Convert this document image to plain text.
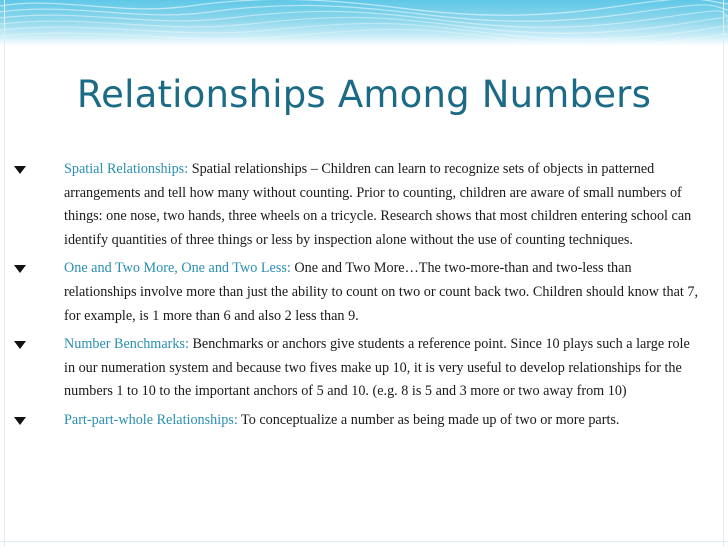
Relationships Among Numbers
Spatial Relationships: Spatial relationships – Children can learn to recognize sets of objects in patterned arrangements and tell how many without counting. Prior to counting, children are aware of small numbers of things: one nose, two hands, three wheels on a tricycle. Research shows that most children entering school can identify quantities of three things or less by inspection alone without the use of counting techniques.
One and Two More, One and Two Less: One and Two More…The two-more-than and two-less than relationships involve more than just the ability to count on two or count back two. Children should know that 7, for example, is 1 more than 6 and also 2 less than 9.
Number Benchmarks: Benchmarks or anchors give students a reference point. Since 10 plays such a large role in our numeration system and because two fives make up 10, it is very useful to develop relationships for the numbers 1 to 10 to the important anchors of 5 and 10. (e.g. 8 is 5 and 3 more or two away from 10)
Part-part-whole Relationships: To conceptualize a number as being made up of two or more parts.
